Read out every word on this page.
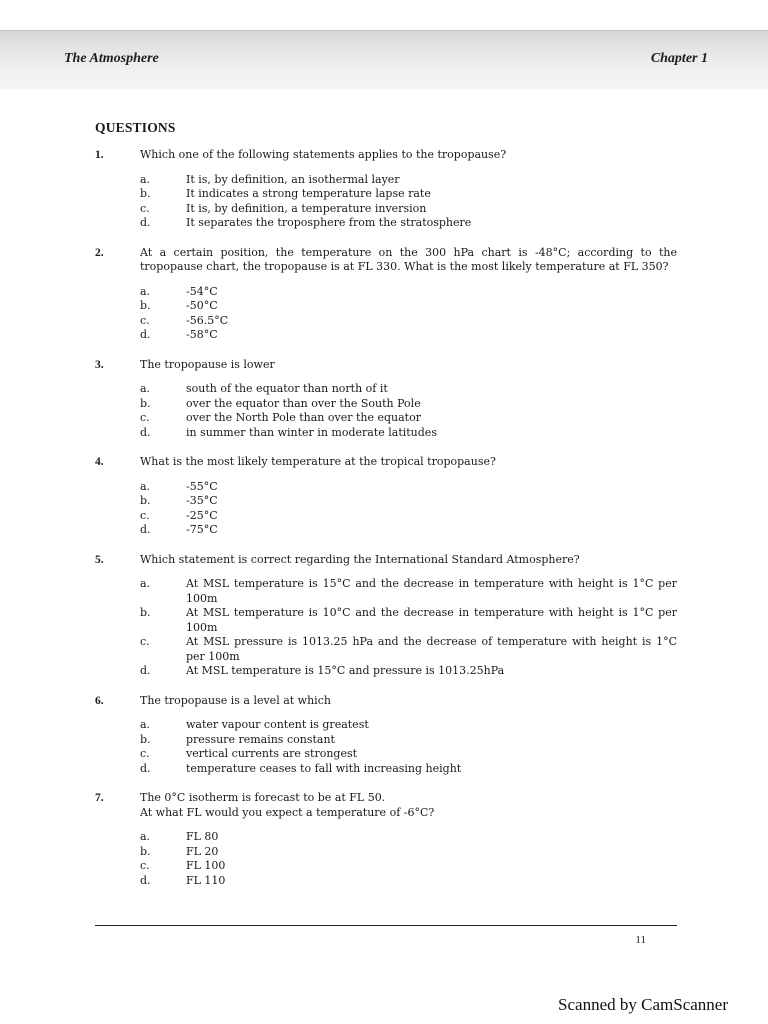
The Atmosphere	Chapter 1
QUESTIONS
1.	Which one of the following statements applies to the tropopause?
a.	It is, by definition, an isothermal layer
b.	It indicates a strong temperature lapse rate
c.	It is, by definition, a temperature inversion
d.	It separates the troposphere from the stratosphere
2.	At a certain position, the temperature on the 300 hPa chart is -48°C; according to the tropopause chart, the tropopause is at FL 330. What is the most likely temperature at FL 350?
a.	-54°C
b.	-50°C
c.	-56.5°C
d.	-58°C
3.	The tropopause is lower
a.	south of the equator than north of it
b.	over the equator than over the South Pole
c.	over the North Pole than over the equator
d.	in summer than winter in moderate latitudes
4.	What is the most likely temperature at the tropical tropopause?
a.	-55°C
b.	-35°C
c.	-25°C
d.	-75°C
5.	Which statement is correct regarding the International Standard Atmosphere?
a.	At MSL temperature is 15°C and the decrease in temperature with height is 1°C per 100m
b.	At MSL temperature is 10°C and the decrease in temperature with height is 1°C per 100m
c.	At MSL pressure is 1013.25 hPa and the decrease of temperature with height is 1°C per 100m
d.	At MSL temperature is 15°C and pressure is 1013.25hPa
6.	The tropopause is a level at which
a.	water vapour content is greatest
b.	pressure remains constant
c.	vertical currents are strongest
d.	temperature ceases to fall with increasing height
7.	The 0°C isotherm is forecast to be at FL 50.
At what FL would you expect a temperature of -6°C?
a.	FL 80
b.	FL 20
c.	FL 100
d.	FL 110
11
Scanned by CamScanner
